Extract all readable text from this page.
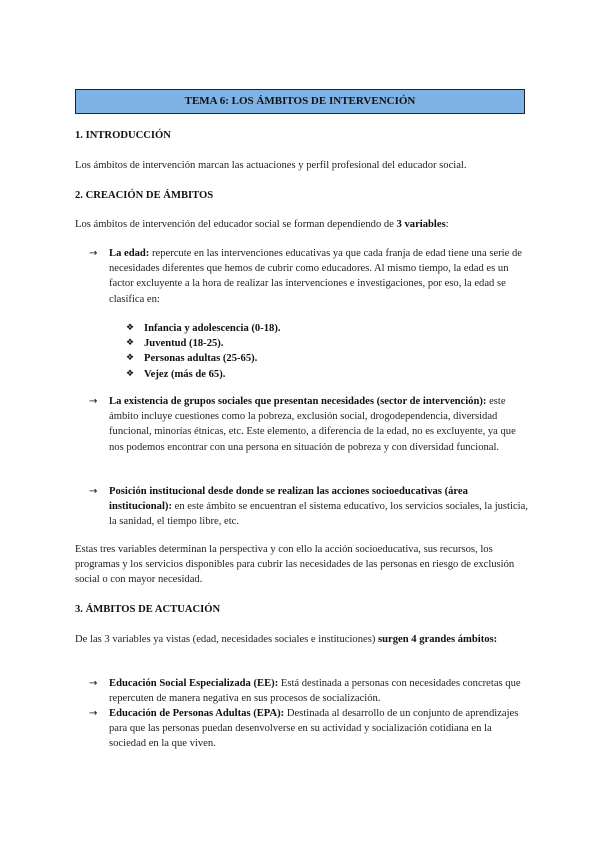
TEMA 6: LOS ÁMBITOS DE INTERVENCIÓN
1. INTRODUCCIÓN
Los ámbitos de intervención marcan las actuaciones y perfil profesional del educador social.
2. CREACIÓN DE ÁMBITOS
Los ámbitos de intervención del educador social se forman dependiendo de 3 variables:
→	La edad: repercute en las intervenciones educativas ya que cada franja de edad tiene una serie de necesidades diferentes que hemos de cubrir como educadores. Al mismo tiempo, la edad es un factor excluyente a la hora de realizar las intervenciones e investigaciones, por eso, la edad se clasifica en:
❖ Infancia y adolescencia (0-18).
❖ Juventud (18-25).
❖ Personas adultas (25-65).
❖ Vejez (más de 65).
→	La existencia de grupos sociales que presentan necesidades (sector de intervención): este ámbito incluye cuestiones como la pobreza, exclusión social, drogodependencia, diversidad funcional, minorías étnicas, etc. Este elemento, a diferencia de la edad, no es excluyente, ya que nos podemos encontrar con una persona en situación de pobreza y con diversidad funcional.
→	Posición institucional desde donde se realizan las acciones socioeducativas (área institucional): en este ámbito se encuentran el sistema educativo, los servicios sociales, la justicia, la sanidad, el tiempo libre, etc.
Estas tres variables determinan la perspectiva y con ello la acción socioeducativa, sus recursos, los programas y los servicios disponibles para cubrir las necesidades de las personas en riesgo de exclusión social o con mayor necesidad.
3. ÁMBITOS DE ACTUACIÓN
De las 3 variables ya vistas (edad, necesidades sociales e instituciones) surgen 4 grandes ámbitos:
→	Educación Social Especializada (EE): Está destinada a personas con necesidades concretas que repercuten de manera negativa en sus procesos de socialización.
→	Educación de Personas Adultas (EPA): Destinada al desarrollo de un conjunto de aprendizajes para que las personas puedan desenvolverse en su actividad y socialización cotidiana en la sociedad en la que viven.
